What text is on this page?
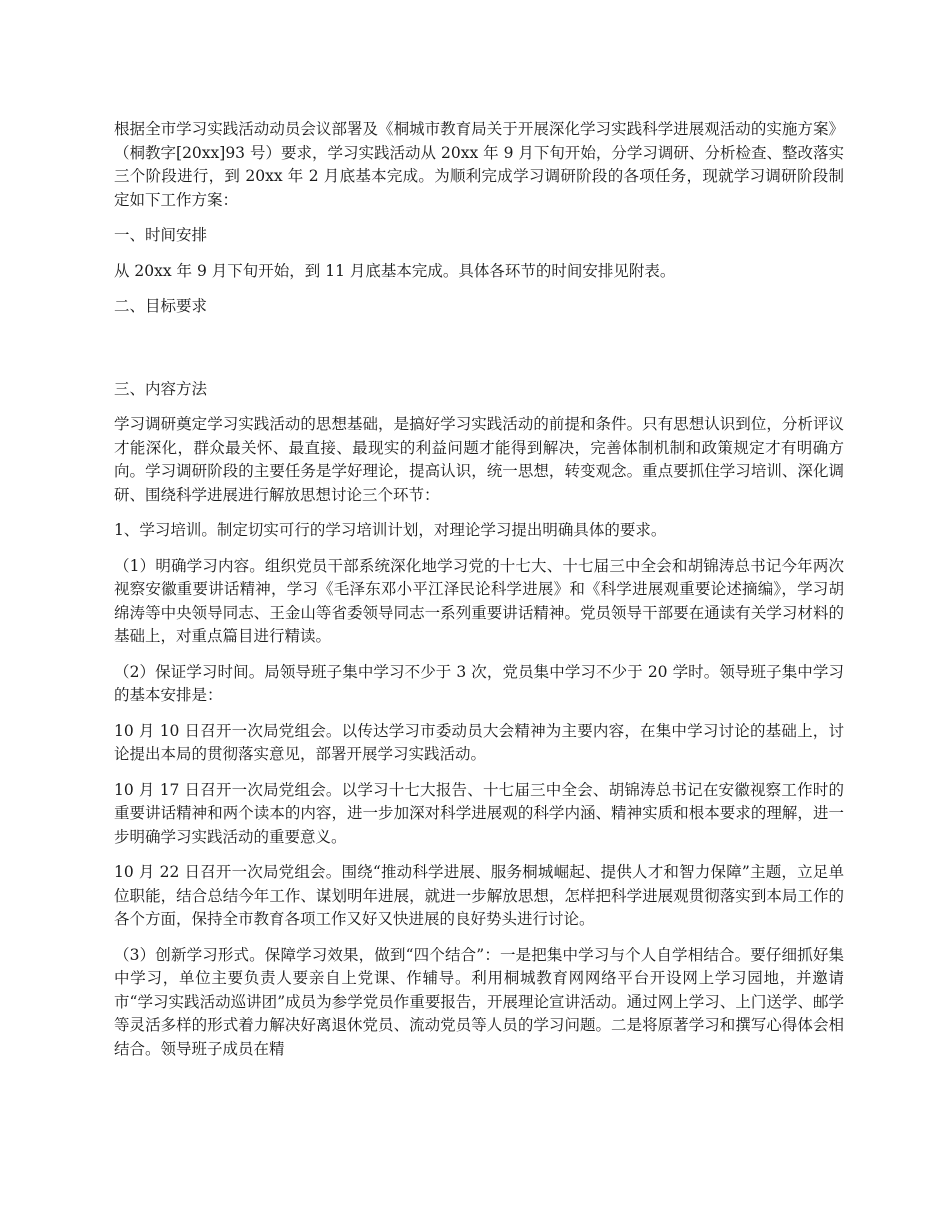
根据全市学习实践活动动员会议部署及《桐城市教育局关于开展深化学习实践科学进展观活动的实施方案》（桐教字[20xx]93 号）要求，学习实践活动从 20xx 年 9 月下旬开始，分学习调研、分析检查、整改落实三个阶段进行，到 20xx 年 2 月底基本完成。为顺利完成学习调研阶段的各项任务，现就学习调研阶段制定如下工作方案：

一、时间安排

从 20xx 年 9 月下旬开始，到 11 月底基本完成。具体各环节的时间安排见附表。

二、目标要求

三、内容方法

学习调研奠定学习实践活动的思想基础，是搞好学习实践活动的前提和条件。只有思想认识到位，分析评议才能深化，群众最关怀、最直接、最现实的利益问题才能得到解决，完善体制机制和政策规定才有明确方向。学习调研阶段的主要任务是学好理论，提高认识，统一思想，转变观念。重点要抓住学习培训、深化调研、围绕科学进展进行解放思想讨论三个环节：

1、学习培训。制定切实可行的学习培训计划，对理论学习提出明确具体的要求。

（1）明确学习内容。组织党员干部系统深化地学习党的十七大、十七届三中全会和胡锦涛总书记今年两次视察安徽重要讲话精神，学习《毛泽东邓小平江泽民论科学进展》和《科学进展观重要论述摘编》，学习胡绵涛等中央领导同志、王金山等省委领导同志一系列重要讲话精神。党员领导干部要在通读有关学习材料的基础上，对重点篇目进行精读。

（2）保证学习时间。局领导班子集中学习不少于 3 次，党员集中学习不少于 20 学时。领导班子集中学习的基本安排是：

10 月 10 日召开一次局党组会。以传达学习市委动员大会精神为主要内容，在集中学习讨论的基础上，讨论提出本局的贯彻落实意见，部署开展学习实践活动。

10 月 17 日召开一次局党组会。以学习十七大报告、十七届三中全会、胡锦涛总书记在安徽视察工作时的重要讲话精神和两个读本的内容，进一步加深对科学进展观的科学内涵、精神实质和根本要求的理解，进一步明确学习实践活动的重要意义。

10 月 22 日召开一次局党组会。围绕“推动科学进展、服务桐城崛起、提供人才和智力保障”主题，立足单位职能，结合总结今年工作、谋划明年进展，就进一步解放思想，怎样把科学进展观贯彻落实到本局工作的各个方面，保持全市教育各项工作又好又快进展的良好势头进行讨论。

（3）创新学习形式。保障学习效果，做到“四个结合”：一是把集中学习与个人自学相结合。要仔细抓好集中学习，单位主要负责人要亲自上党课、作辅导。利用桐城教育网网络平台开设网上学习园地，并邀请市“学习实践活动巡讲团”成员为参学党员作重要报告，开展理论宣讲活动。通过网上学习、上门送学、邮学等灵活多样的形式着力解决好离退休党员、流动党员等人员的学习问题。二是将原著学习和撰写心得体会相结合。领导班子成员在精
